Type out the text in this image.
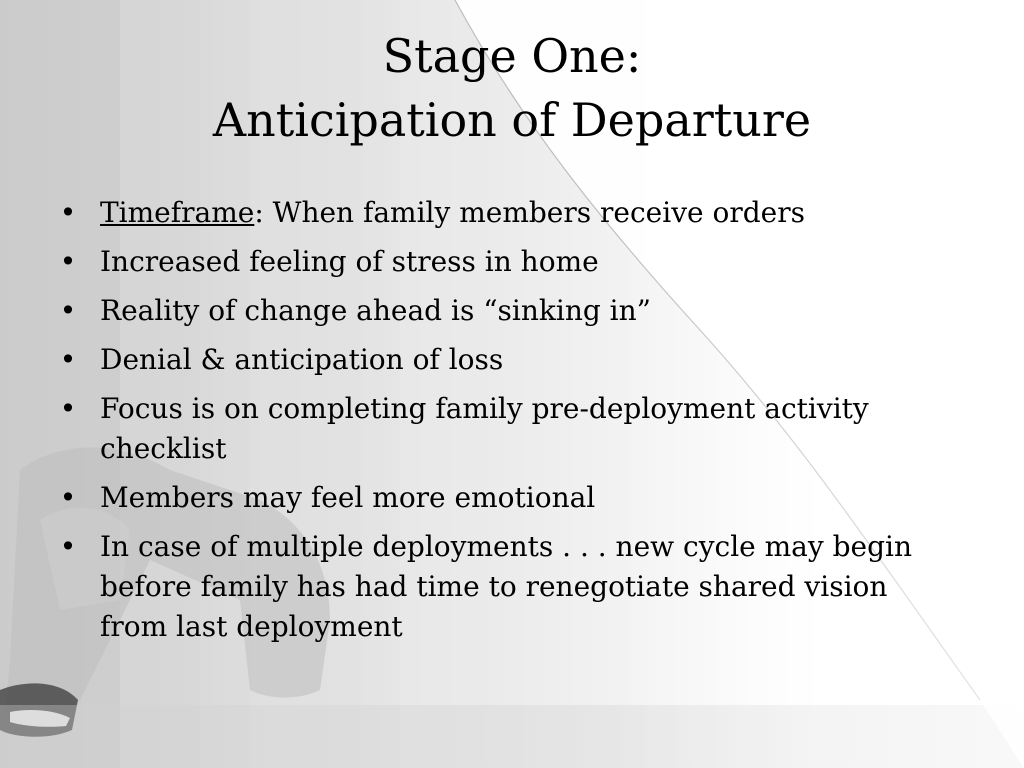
Stage One:
Anticipation of Departure
• Timeframe: When family members receive orders
• Increased feeling of stress in home
• Reality of change ahead is “sinking in”
• Denial & anticipation of loss
• Focus is on completing family pre-deployment activity checklist
• Members may feel more emotional
• In case of multiple deployments . . . new cycle may begin before family has had time to renegotiate shared vision from last deployment
